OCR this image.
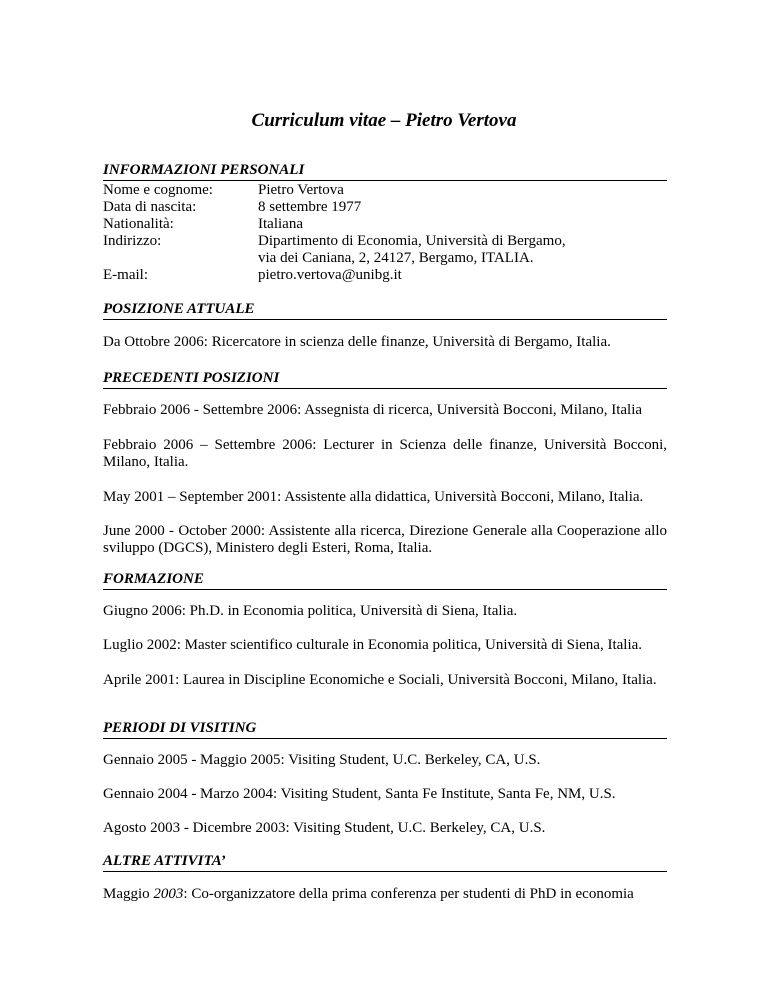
Curriculum vitae – Pietro Vertova
INFORMAZIONI PERSONALI
Nome e cognome:	Pietro Vertova
Data di nascita:	8 settembre 1977
Nationalità:	Italiana
Indirizzo:	Dipartimento di Economia, Università di Bergamo,
	via dei Caniana, 2, 24127, Bergamo, ITALIA.
E-mail:	pietro.vertova@unibg.it
POSIZIONE ATTUALE

Da Ottobre 2006: Ricercatore in scienza delle finanze, Università di Bergamo, Italia.

PRECEDENTI POSIZIONI

Febbraio 2006 - Settembre 2006: Assegnista di ricerca, Università Bocconi, Milano, Italia

Febbraio 2006 – Settembre 2006: Lecturer in Scienza delle finanze, Università Bocconi, Milano, Italia.

May 2001 – September 2001: Assistente alla didattica, Università Bocconi, Milano, Italia.

June 2000 - October 2000: Assistente alla ricerca, Direzione Generale alla Cooperazione allo sviluppo (DGCS), Ministero degli Esteri, Roma, Italia.

FORMAZIONE

Giugno 2006: Ph.D. in Economia politica, Università di Siena, Italia.

Luglio 2002: Master scientifico culturale in Economia politica, Università di Siena, Italia.

Aprile 2001: Laurea in Discipline Economiche e Sociali, Università Bocconi, Milano, Italia.

PERIODI DI VISITING

Gennaio 2005 - Maggio 2005: Visiting Student, U.C. Berkeley, CA, U.S.

Gennaio 2004 - Marzo 2004: Visiting Student, Santa Fe Institute, Santa Fe, NM, U.S.

Agosto 2003 - Dicembre 2003: Visiting Student, U.C. Berkeley, CA, U.S.

ALTRE ATTIVITA’

Maggio 2003: Co-organizzatore della prima conferenza per studenti di PhD in economia
